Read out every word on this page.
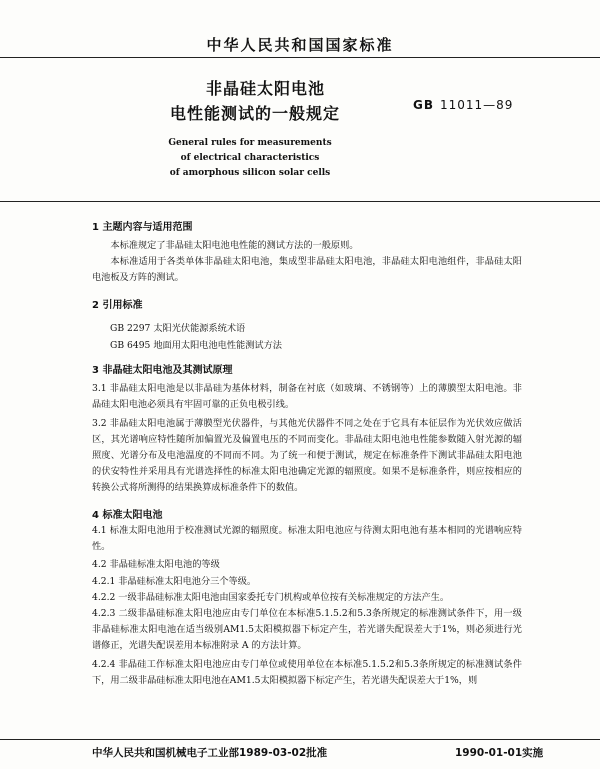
中华人民共和国国家标准
非晶硅太阳电池
电性能测试的一般规定	GB 11011—89
General rules for measurements
of electrical characteristics
of amorphous silicon solar cells
1 主题内容与适用范围
本标准规定了非晶硅太阳电池电性能的测试方法的一般原则。
本标准适用于各类单体非晶硅太阳电池，集成型非晶硅太阳电池，非晶硅太阳电池组件，非晶硅太阳电池板及方阵的测试。
2 引用标准
GB 2297 太阳光伏能源系统术语
GB 6495 地面用太阳电池电性能测试方法
3 非晶硅太阳电池及其测试原理
3.1 非晶硅太阳电池是以非晶硅为基体材料，制备在衬底（如玻璃、不锈钢等）上的薄膜型太阳电池。非晶硅太阳电池必须具有牢固可靠的正负电极引线。
3.2 非晶硅太阳电池属于薄膜型光伏器件，与其他光伏器件不同之处在于它具有本征层作为光伏效应做活区，其光谱响应特性随所加偏置光及偏置电压的不同而变化。非晶硅太阳电池电性能参数随入射光源的辐照度、光谱分布及电池温度的不同而不同。为了统一和便于测试，规定在标准条件下测试非晶硅太阳电池的伏安特性并采用具有光谱选择性的标准太阳电池确定光源的辐照度。如果不是标准条件，则应按相应的转换公式将所测得的结果换算成标准条件下的数值。
4 标准太阳电池
4.1 标准太阳电池用于校准测试光源的辐照度。标准太阳电池应与待测太阳电池有基本相同的光谱响应特性。
4.2 非晶硅标准太阳电池的等级
4.2.1 非晶硅标准太阳电池分三个等级。
4.2.2 一级非晶硅标准太阳电池由国家委托专门机构或单位按有关标准规定的方法产生。
4.2.3 二级非晶硅标准太阳电池应由专门单位在本标准5.1.5.2和5.3条所规定的标准测试条件下，用一级非晶硅标准太阳电池在适当级别AM1.5太阳模拟器下标定产生，若光谱失配误差大于1%，则必须进行光谱修正，光谱失配误差用本标准附录 A 的方法计算。
4.2.4 非晶硅工作标准太阳电池应由专门单位或使用单位在本标准5.1.5.2和5.3条所规定的标准测试条件下，用二级非晶硅标准太阳电池在AM1.5太阳模拟器下标定产生，若光谱失配误差大于1%，则
中华人民共和国机械电子工业部1989-03-02批准	1990-01-01实施
